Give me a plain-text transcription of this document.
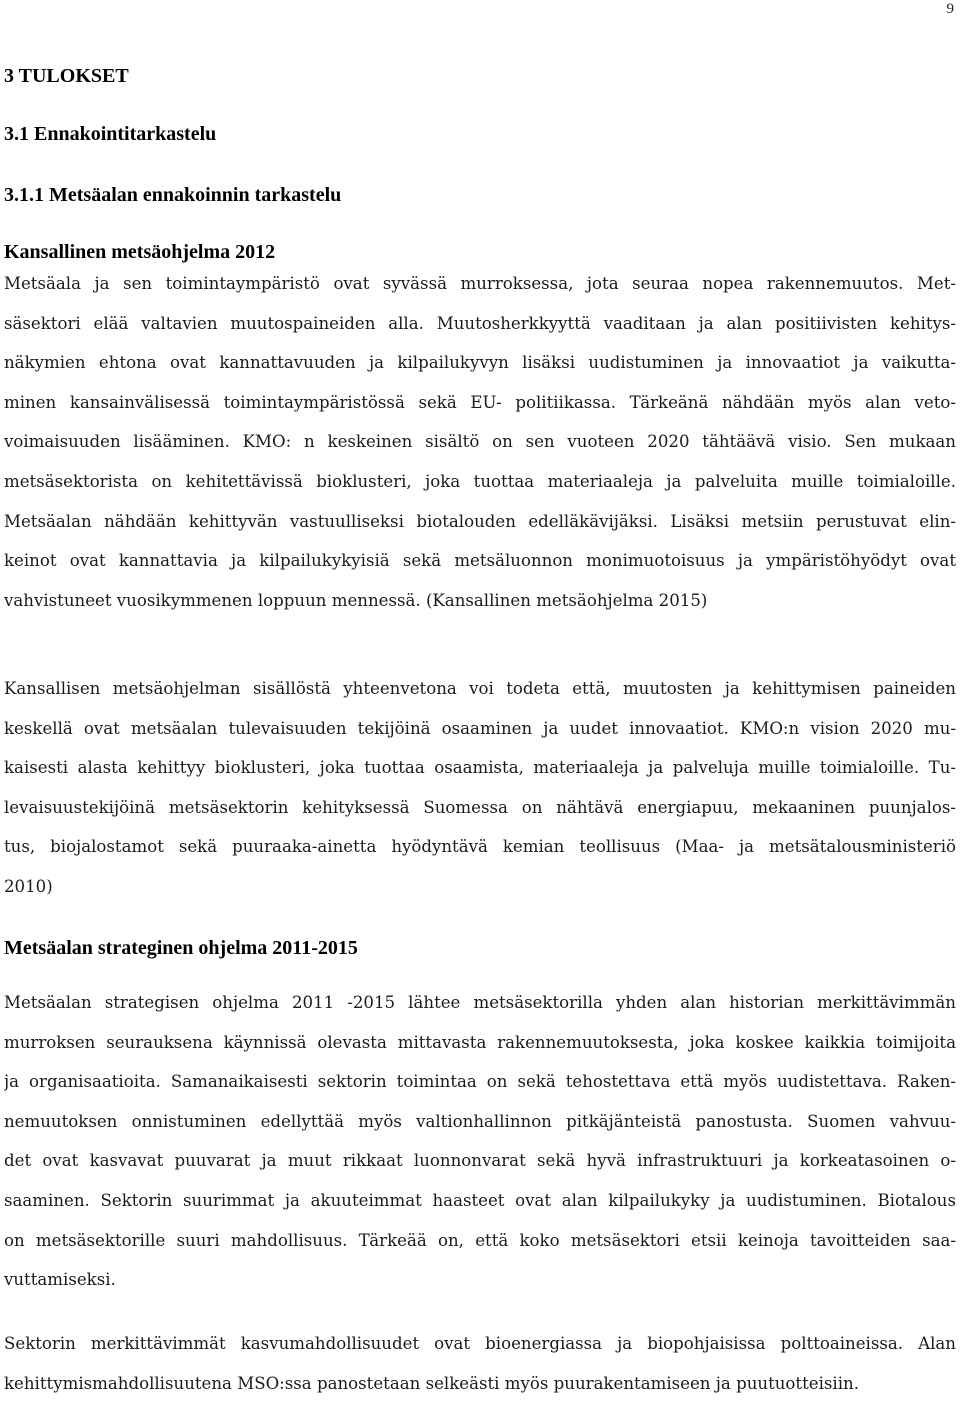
9
3 TULOKSET
3.1 Ennakointitarkastelu
3.1.1 Metsäalan ennakoinnin tarkastelu
Kansallinen metsäohjelma 2012
Metsäala ja sen toimintaympäristö ovat syvässä murroksessa, jota seuraa nopea rakennemuutos. Met-
säsektori elää valtavien muutospaineiden alla. Muutosherkkyyttä vaaditaan ja alan positiivisten kehitys-
näkymien ehtona ovat kannattavuuden ja kilpailukyvyn lisäksi uudistuminen ja innovaatiot ja vaikutta-
minen kansainvälisessä toimintaympäristössä sekä EU- politiikassa. Tärkeänä nähdään myös alan veto-
voimaisuuden lisääminen. KMO: n keskeinen sisältö on sen vuoteen 2020 tähtäävä visio. Sen mukaan
metsäsektorista on kehitettävissä bioklusteri, joka tuottaa materiaaleja ja palveluita muille toimialoille.
Metsäalan nähdään kehittyvän vastuulliseksi biotalouden edelläkävijäksi. Lisäksi metsiin perustuvat elin-
keinot ovat kannattavia ja kilpailukykyisiä sekä metsäluonnon monimuotoisuus ja ympäristöhyödyt ovat
vahvistuneet vuosikymmenen loppuun mennessä. (Kansallinen metsäohjelma 2015)
Kansallisen metsäohjelman sisällöstä yhteenvetona voi todeta että, muutosten ja kehittymisen paineiden
keskellä ovat metsäalan tulevaisuuden tekijöinä osaaminen ja uudet innovaatiot. KMO:n vision 2020 mu-
kaisesti alasta kehittyy bioklusteri, joka tuottaa osaamista, materiaaleja ja palveluja muille toimialoille. Tu-
levaisuustekijöinä metsäsektorin kehityksessä Suomessa on nähtävä energiapuu, mekaaninen puunjalos-
tus, biojalostamot sekä puuraaka-ainetta hyödyntävä kemian teollisuus (Maa- ja metsätalousministeriö
2010)
Metsäalan strateginen ohjelma 2011-2015
Metsäalan strategisen ohjelma 2011 -2015 lähtee metsäsektorilla yhden alan historian merkittävimmän
murroksen seurauksena käynnissä olevasta mittavasta rakennemuutoksesta, joka koskee kaikkia toimijoita
ja organisaatioita. Samanaikaisesti sektorin toimintaa on sekä tehostettava että myös uudistettava. Raken-
nemuutoksen onnistuminen edellyttää myös valtionhallinnon pitkäjänteistä panostusta. Suomen vahvuu-
det ovat kasvavat puuvarat ja muut rikkaat luonnonvarat sekä hyvä infrastruktuuri ja korkeatasoinen o-
saaminen. Sektorin suurimmat ja akuuteimmat haasteet ovat alan kilpailukyky ja uudistuminen. Biotalous
on metsäsektorille suuri mahdollisuus. Tärkeää on, että koko metsäsektori etsii keinoja tavoitteiden saa-
vuttamiseksi.
Sektorin merkittävimmät kasvumahdollisuudet ovat bioenergiassa ja biopohjaisissa polttoaineissa. Alan
kehittymismahdollisuutena MSO:ssa panostetaan selkeästi myös puurakentamiseen ja puutuotteisiin.
